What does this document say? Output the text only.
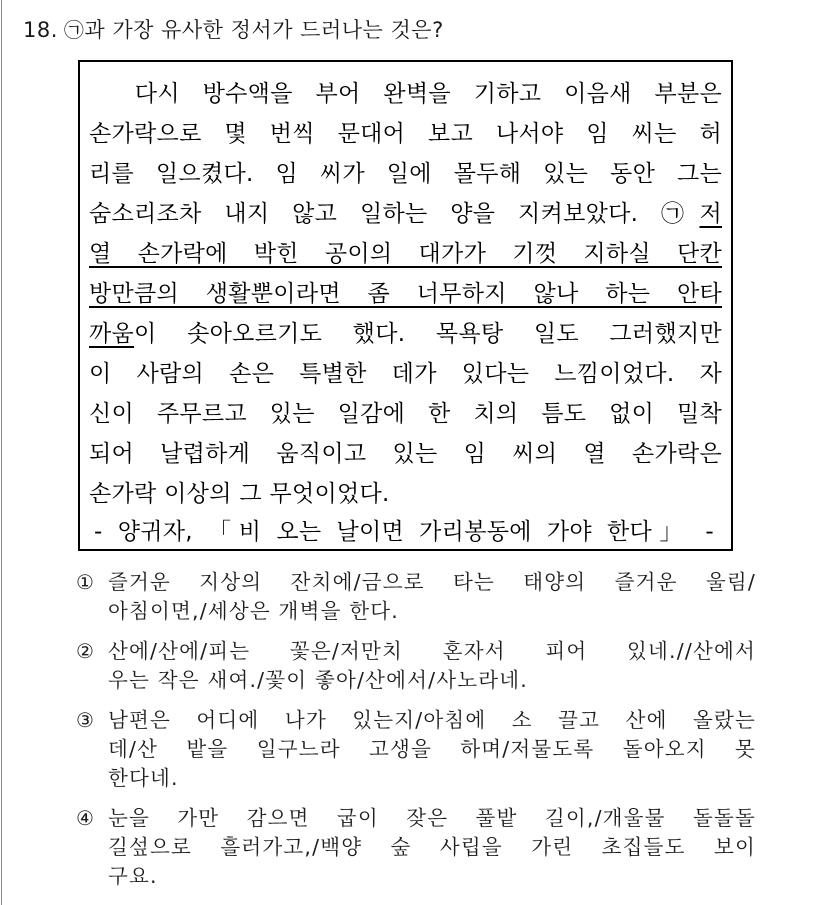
18. ㉠과 가장 유사한 정서가 드러나는 것은?
다시 방수액을 부어 완벽을 기하고 이음새 부분은
손가락으로 몇 번씩 문대어 보고 나서야 임 씨는 허
리를 일으켰다. 임 씨가 일에 몰두해 있는 동안 그는
숨소리조차 내지 않고 일하는 양을 지켜보았다. ㉠저
열 손가락에 박힌 공이의 대가가 기껏 지하실 단칸
방만큼의 생활뿐이라면 좀 너무하지 않나 하는 안타
까움이 솟아오르기도 했다. 목욕탕 일도 그러했지만
이 사람의 손은 특별한 데가 있다는 느낌이었다. 자
신이 주무르고 있는 일감에 한 치의 틈도 없이 밀착
되어 날렵하게 움직이고 있는 임 씨의 열 손가락은
손가락 이상의 그 무엇이었다.
- 양귀자, 「비 오는 날이면 가리봉동에 가야 한다」 -
① 즐거운 지상의 잔치에/금으로 타는 태양의 즐거운 울림/
아침이면,/세상은 개벽을 한다.
② 산에/산에/피는 꽃은/저만치 혼자서 피어 있네.//산에서
우는 작은 새여./꽃이 좋아/산에서/사노라네.
③ 남편은 어디에 나가 있는지/아침에 소 끌고 산에 올랐는
데/산 밭을 일구느라 고생을 하며/저물도록 돌아오지 못
한다네.
④ 눈을 가만 감으면 굽이 잦은 풀밭 길이,/개울물 돌돌돌
길섶으로 흘러가고,/백양 숲 사립을 가린 초집들도 보이
구요.
